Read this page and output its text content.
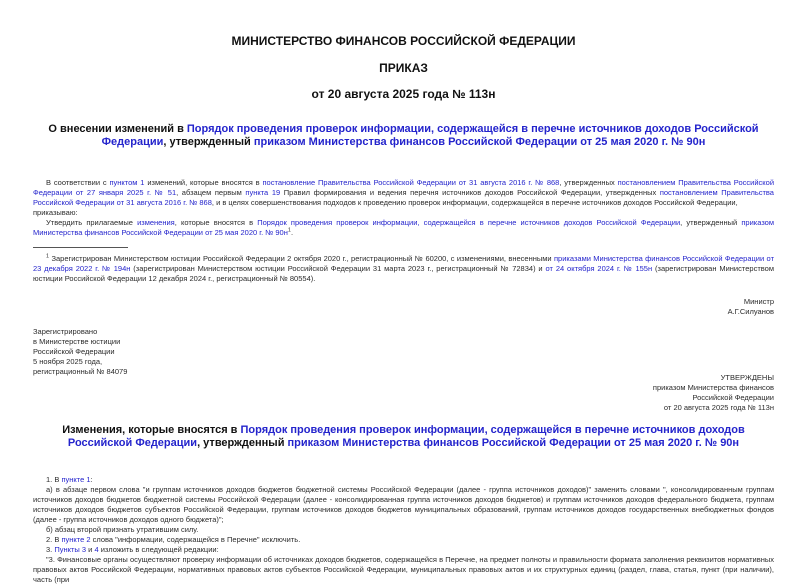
МИНИСТЕРСТВО ФИНАНСОВ РОССИЙСКОЙ ФЕДЕРАЦИИ
ПРИКАЗ
от 20 августа 2025 года № 113н
О внесении изменений в Порядок проведения проверок информации, содержащейся в перечне источников доходов Российской Федерации, утвержденный приказом Министерства финансов Российской Федерации от 25 мая 2020 г. № 90н

В соответствии с пунктом 1 изменений, которые вносятся в постановление Правительства Российской Федерации от 31 августа 2016 г. № 868, утвержденных постановлением Правительства Российской Федерации от 27 января 2025 г. № 51, абзацем первым пункта 19 Правил формирования и ведения перечня источников доходов Российской Федерации, утвержденных постановлением Правительства Российской Федерации от 31 августа 2016 г. № 868, и в целях совершенствования подходов к проведению проверок информации, содержащейся в перечне источников доходов Российской Федерации,

приказываю:

Утвердить прилагаемые изменения, которые вносятся в Порядок проведения проверок информации, содержащейся в перечне источников доходов Российской Федерации, утвержденный приказом Министерства финансов Российской Федерации от 25 мая 2020 г. № $90н^1$.

$^1$ Зарегистрирован Министерством юстиции Российской Федерации 2 октября 2020 г., регистрационный № 60200, с изменениями, внесенными приказами Министерства финансов Российской Федерации от 23 декабря 2022 г. № 194н (зарегистрирован Министерством юстиции Российской Федерации 31 марта 2023 г., регистрационный № 72834) и от 24 октября 2024 г. № 155н (зарегистрирован Министерством юстиции Российской Федерации 12 декабря 2024 г., регистрационный № 80554).

Министр
А.Г.Силуанов
Зарегистрировано
в Министерстве юстиции
Российской Федерации
5 ноября 2025 года,
регистрационный № 84079
УТВЕРЖДЕНЫ
приказом Министерства финансов
Российской Федерации
от 20 августа 2025 года № 113н
Изменения, которые вносятся в Порядок проведения проверок информации, содержащейся в перечне источников доходов Российской Федерации, утвержденный приказом Министерства финансов Российской Федерации от 25 мая 2020 г. № 90н

1. В пункте 1:

а) в абзаце первом слова "и группам источников доходов бюджетов бюджетной системы Российской Федерации (далее - группа источников доходов)" заменить словами ", консолидированным группам источников доходов бюджетов бюджетной системы Российской Федерации (далее - консолидированная группа источников доходов бюджетов) и группам источников доходов федерального бюджета, группам источников доходов бюджетов субъектов Российской Федерации, группам источников доходов бюджетов муниципальных образований, группам источников доходов государственных внебюджетных фондов (далее - группа источников доходов одного бюджета)";

б) абзац второй признать утратившим силу.

2. В пункте 2 слова "информации, содержащейся в Перечне" исключить.

3. Пункты 3 и 4 изложить в следующей редакции:

"3. Финансовые органы осуществляют проверку информации об источниках доходов бюджетов, содержащейся в Перечне, на предмет полноты и правильности формата заполнения реквизитов нормативных правовых актов Российской Федерации, нормативных правовых актов субъектов Российской Федерации, муниципальных правовых актов и их структурных единиц (раздел, глава, статья, пункт (при наличии), часть (при
